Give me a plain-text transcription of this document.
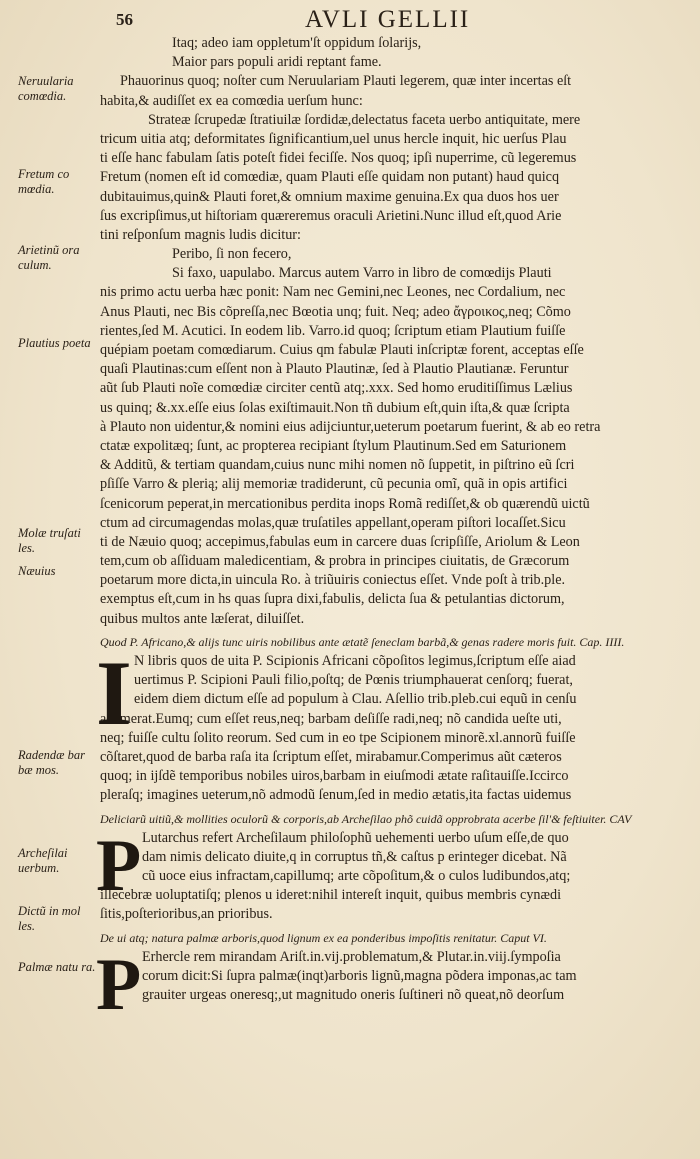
56	AVLI GELLII
Neruularia comœdia.
Fretum co mœdia.
Arietinũ ora culum.
Plautius poeta
Molæ truſati les.
Næuius
Radendæ bar bæ mos.
Archeſilai uerbum.
Dictũ in mol les.
Palmæ natu ra.
Itaq; adeo iam oppletum'ſt oppidum ſolarijs,
Maior pars populi aridi reptant fame.
Phauorinus quoq; noſter cum Neruulariam Plauti legerem, quæ inter incertas eſt
habita,& audiſſet ex ea comœdia uerſum hunc:
Strateæ ſcrupedæ ſtratiuilæ ſordidæ,delectatus faceta uerbo antiquitate, mere
tricum uitia atq; deformitates ſignificantium,uel unus hercle inquit, hic uerſus Plau
ti eſſe hanc fabulam ſatis poteſt fidei feciſſe. Nos quoq; ipſi nuperrime, cũ legeremus
Fretum (nomen eſt id comœdiæ, quam Plauti eſſe quidam non putant) haud quicq
dubitauimus,quin& Plauti foret,& omnium maxime genuina.Ex qua duos hos uer
ſus excripſimus,ut hiſtoriam quæreremus oraculi Arietini.Nunc illud eſt,quod Arie
tini reſponſum magnis ludis dicitur:
Peribo, ſi non fecero,
Si faxo, uapulabo. Marcus autem Varro in libro de comœdijs Plauti
nis primo actu uerba hæc ponit: Nam nec Gemini,nec Leones, nec Cordalium, nec
Anus Plauti, nec Bis cõpreſſa,nec Bœotia unq; fuit. Neq; adeo ἄγροικος,neq; Cõmo
rientes,ſed M. Acutici. In eodem lib. Varro.id quoq; ſcriptum etiam Plautium fuiſſe
quépiam poetam comœdiarum. Cuius qm fabulæ Plauti inſcriptæ forent, acceptas eſſe
quaſi Plautinas:cum eſſent non à Plauto Plautinæ, ſed à Plautio Plautianæ. Feruntur
aũt ſub Plauti noĩe comœdiæ circiter centũ atq;.xxx. Sed homo eruditiſſimus Lælius
us quinq; &.xx.eſſe eius ſolas exiſtimauit.Non tñ dubium eſt,quin iſta,& quæ ſcripta
à Plauto non uidentur,& nomini eius adijciuntur,ueterum poetarum fuerint, & ab eo retra
ctatæ expolitæq; ſunt, ac propterea recipiant ſtylum Plautinum.Sed em Saturionem
& Additũ, & tertiam quandam,cuius nunc mihi nomen nõ ſuppetit, in piſtrino eũ ſcri
pſiſſe Varro & plerią; alij memoriæ tradiderunt, cũ pecunia omĩ, quã in opis artifici
ſcenicorum peperat,in mercationibus perdita inops Romã rediſſet,& ob quærendũ uictũ
ctum ad circumagendas molas,quæ truſatiles appellant,operam piſtori locaſſet.Sicu
ti de Næuio quoq; accepimus,fabulas eum in carcere duas ſcripſiſſe, Ariolum & Leon
tem,cum ob aſſiduam maledicentiam, & probra in principes ciuitatis, de Græcorum
poetarum more dicta,in uincula Ro. à triũuiris coniectus eſſet. Vnde poſt à trib.ple.
exemptus eſt,cum in hs quas ſupra dixi,fabulis, delicta ſua & petulantias dictorum,
quibus multos ante læſerat, diluiſſet.
Quod P. Africano,& alijs tunc uiris nobilibus ante ætatẽ ſeneclam barbã,& genas radere moris fuit. Cap. IIII.
I N libris quos de uita P. Scipionis Africani cõpoſitos legimus,ſcriptum eſſe aiad
uertimus P. Scipioni Pauli filio,poſtq; de Pœnis triumphauerat cenſorq; fuerat,
eidem diem dictum eſſe ad populum à Clau. Aſellio trib.pleb.cui equũ in cenſu
ademerat.Eumq; cum eſſet reus,neq; barbam deſiſſe radi,neq; nõ candida ueſte uti,
neq; fuiſſe cultu ſolito reorum. Sed cum in eo tpe Scipionem minorẽ.xl.annorũ fuiſſe
cõſtaret,quod de barba raſa ita ſcriptum eſſet, mirabamur.Comperimus aũt cæteros
quoq; in ijſdẽ temporibus nobiles uiros,barbam in eiuſmodi ætate raſitauiſſe.Iccirco
pleraſq; imagines ueterum,nõ admodũ ſenum,ſed in medio ætatis,ita factas uidemus
Deliciarũ uitiũ,& mollities oculorũ & corporis,ab Archeſilao phõ cuidã opprobrata acerbe ſil'& feſtiuiter. CAV
P Lutarchus refert Archeſilaum philoſophũ uehementi uerbo uſum eſſe,de quo
dam nimis delicato diuite,q in corruptus tñ,& caſtus p erinteger dicebat. Nã
cũ uoce eius infractam,capillumq; arte cõpoſitum,& o culos ludibundos,atq;
illecebræ uoluptatiſq; plenos u ideret:nihil intereſt inquit, quibus membris cynædi
ſitis,poſterioribus,an prioribus.
De ui atq; natura palmæ arboris,quod lignum ex ea ponderibus impoſitis renitatur. Caput VI.
P Erhercle rem mirandam Ariſt.in.vij.problematum,& Plutar.in.viij.ſympoſia
corum dicit:Si ſupra palmæ(inqt)arboris lignũ,magna põdera imponas,ac tam
grauiter urgeas oneresq;,ut magnitudo oneris ſuſtineri nõ queat,nõ deorſum
